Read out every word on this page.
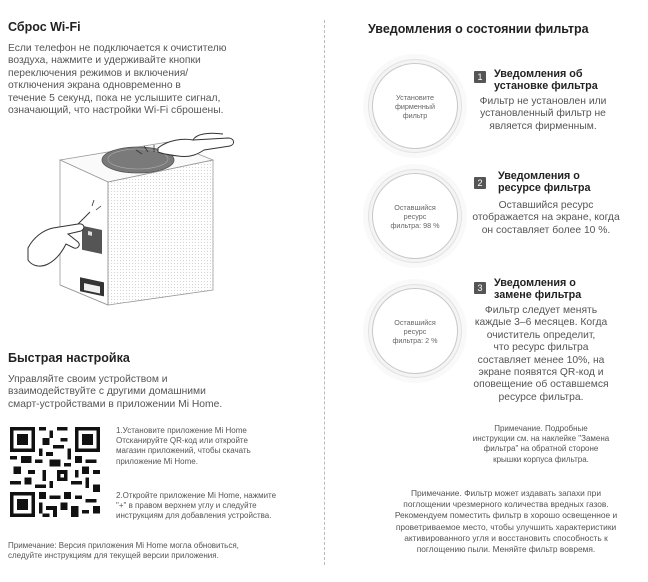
Сброс Wi-Fi
Если телефон не подключается к очистителю
воздуха, нажмите и удерживайте кнопки
переключения режимов и включения/
отключения экрана одновременно в
течение 5 секунд, пока не услышите сигнал,
означающий, что настройки Wi-Fi сброшены.
Быстрая настройка
Управляйте своим устройством и
взаимодействуйте с другими домашними
смарт-устройствами в приложении Mi Home.
1.Установите приложение Mi Home
Отсканируйте QR-код или откройте
магазин приложений, чтобы скачать
приложение Mi Home.
2.Откройте приложение Mi Home, нажмите
"+" в правом верхнем углу и следуйте
инструкциям для добавления устройства.
Примечание: Версия приложения Mi Home могла обновиться,
следуйте инструкциям для текущей версии приложения.
Уведомления о состоянии фильтра
Установите
фирменный
фильтр
1	Уведомления об
установке фильтра
Фильтр не установлен или
установленный фильтр не
является фирменным.
Оставшийся
ресурс
фильтра: 98 %
2
Уведомления о
ресурсе фильтра
Оставшийся ресурс
отображается на экране, когда
он составляет более 10 %.
Оставшийся
ресурс
фильтра: 2 %
3	Уведомления о
замене фильтра
Фильтр следует менять
каждые 3–6 месяцев. Когда
очиститель определит,
что ресурс фильтра
составляет менее 10%, на
экране появятся QR-код и
оповещение об оставшемся
ресурсе фильтра.
Примечание. Подробные
инструкции см. на наклейке "Замена
фильтра" на обратной стороне
крышки корпуса фильтра.
Примечание. Фильтр может издавать запахи при
поглощении чрезмерного количества вредных газов.
Рекомендуем поместить фильтр в хорошо освещенное и
проветриваемое место, чтобы улучшить характеристики
активированного угля и восстановить способность к
поглощению пыли. Меняйте фильтр вовремя.
